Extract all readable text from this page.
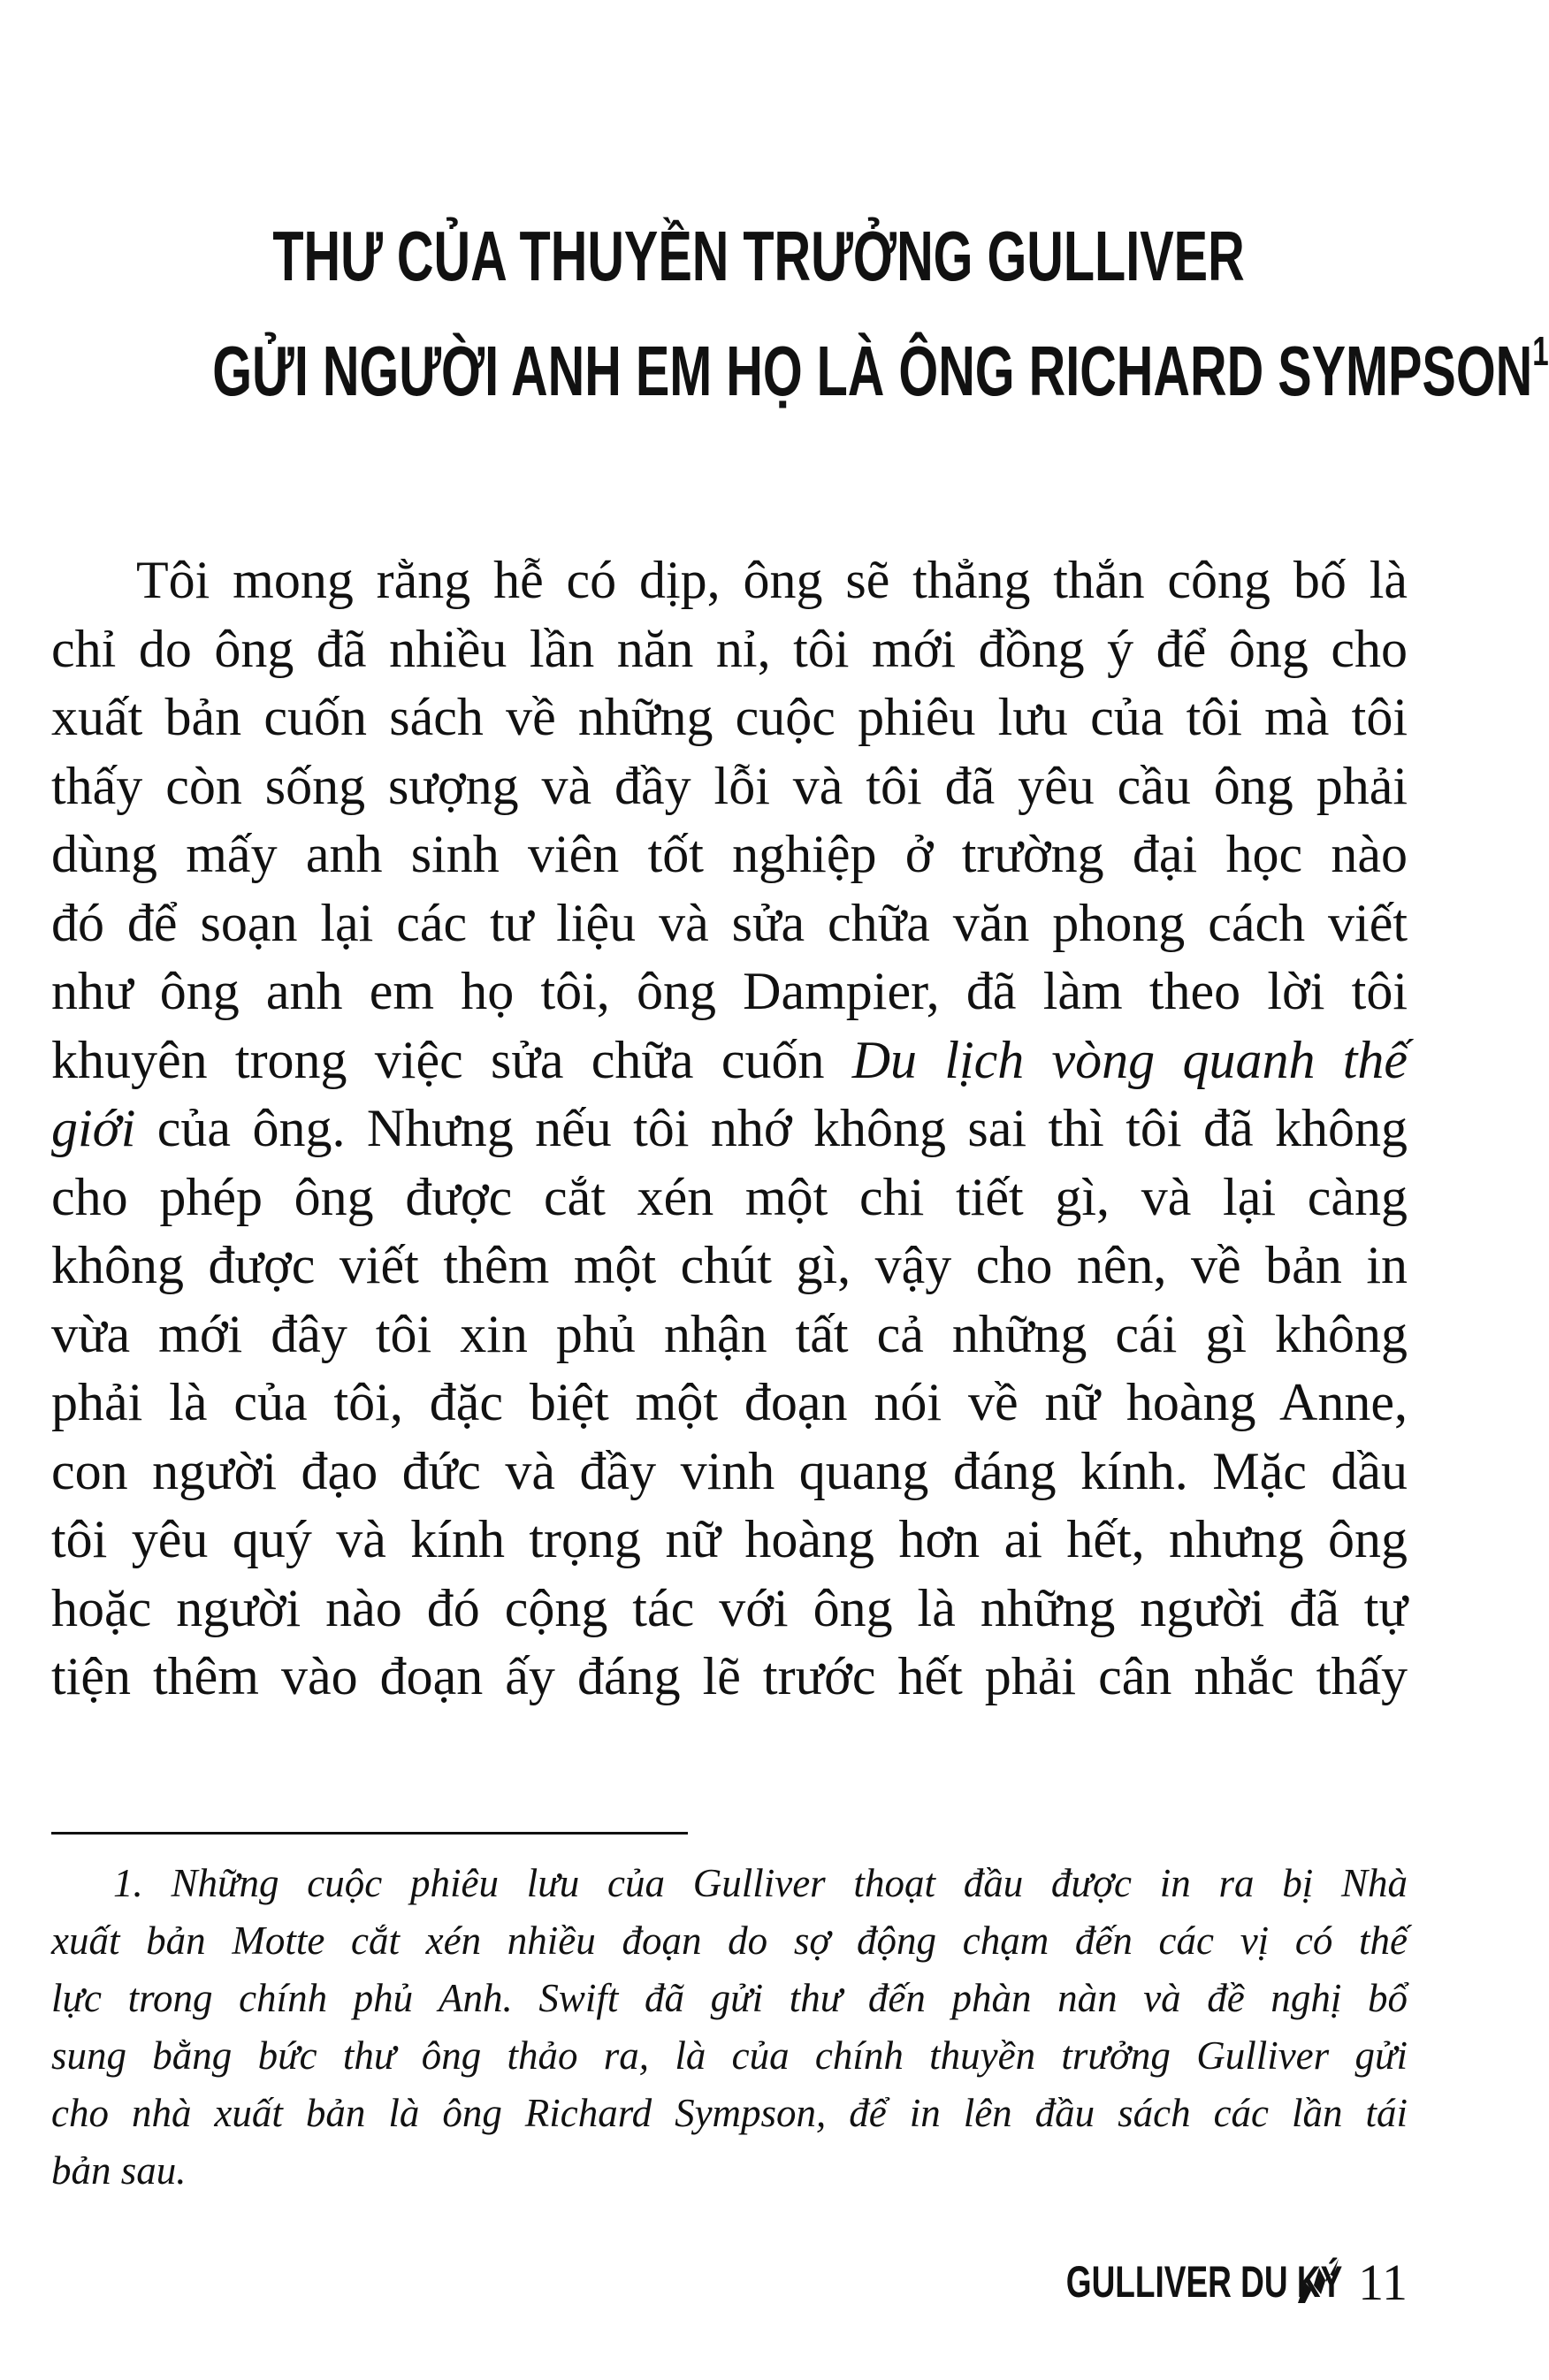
THƯ CỦA THUYỀN TRƯỞNG GULLIVER
GỬI NGƯỜI ANH EM HỌ LÀ ÔNG RICHARD SYMPSON$^1$
Tôi mong rằng hễ có dịp, ông sẽ thẳng thắn công bố là
chỉ do ông đã nhiều lần năn nỉ, tôi mới đồng ý để ông cho
xuất bản cuốn sách về những cuộc phiêu lưu của tôi mà tôi
thấy còn sống sượng và đầy lỗi và tôi đã yêu cầu ông phải
dùng mấy anh sinh viên tốt nghiệp ở trường đại học nào
đó để soạn lại các tư liệu và sửa chữa văn phong cách viết
như ông anh em họ tôi, ông Dampier, đã làm theo lời tôi
khuyên trong việc sửa chữa cuốn Du lịch vòng quanh thế
giới của ông. Nhưng nếu tôi nhớ không sai thì tôi đã không
cho phép ông được cắt xén một chi tiết gì, và lại càng
không được viết thêm một chút gì, vậy cho nên, về bản in
vừa mới đây tôi xin phủ nhận tất cả những cái gì không
phải là của tôi, đặc biệt một đoạn nói về nữ hoàng Anne,
con người đạo đức và đầy vinh quang đáng kính. Mặc dầu
tôi yêu quý và kính trọng nữ hoàng hơn ai hết, nhưng ông
hoặc người nào đó cộng tác với ông là những người đã tự
tiện thêm vào đoạn ấy đáng lẽ trước hết phải cân nhắc thấy
1. Những cuộc phiêu lưu của Gulliver thoạt đầu được in ra bị Nhà
xuất bản Motte cắt xén nhiều đoạn do sợ động chạm đến các vị có thế
lực trong chính phủ Anh. Swift đã gửi thư đến phàn nàn và đề nghị bổ
sung bằng bức thư ông thảo ra, là của chính thuyền trưởng Gulliver gửi
cho nhà xuất bản là ông Richard Sympson, để in lên đầu sách các lần tái
bản sau.
GULLIVER DU KÝ 11
